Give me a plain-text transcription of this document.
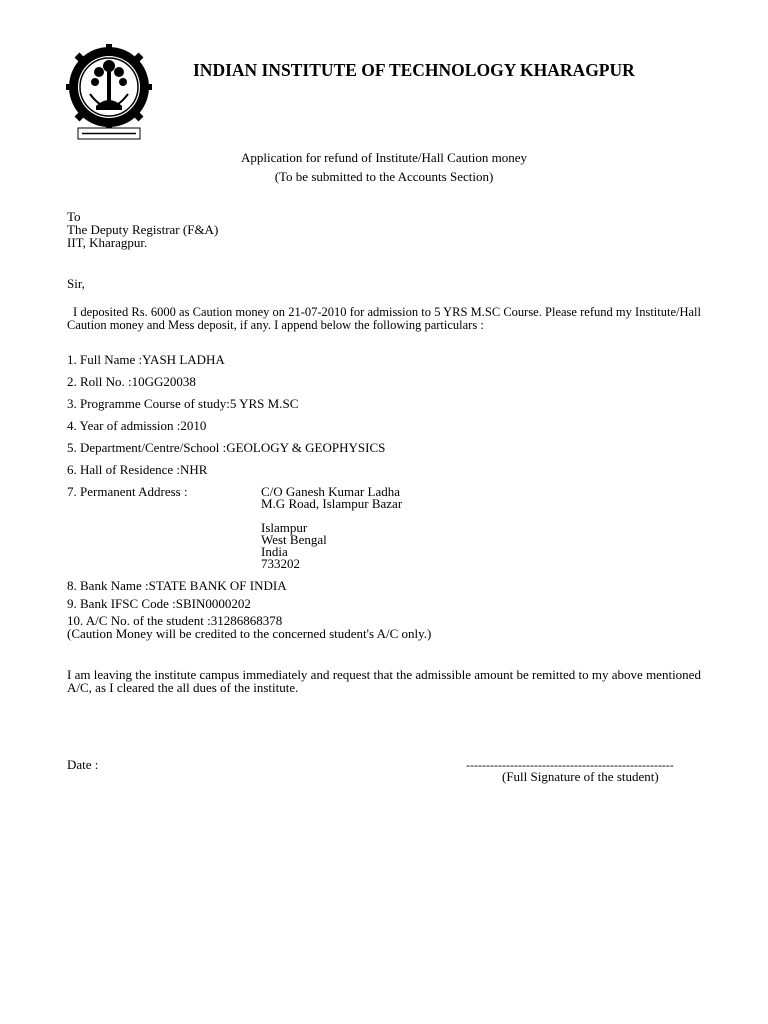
INDIAN INSTITUTE OF TECHNOLOGY KHARAGPUR
Application for refund of Institute/Hall Caution money
(To be submitted to the Accounts Section)
To
The Deputy Registrar (F&A)
IIT, Kharagpur.
Sir,
I deposited Rs. 6000 as Caution money on 21-07-2010 for admission to 5 YRS M.SC Course. Please refund my Institute/Hall Caution money and Mess deposit, if any. I append below the following particulars :
1. Full Name :YASH LADHA
2. Roll No. :10GG20038
3. Programme Course of study:5 YRS M.SC
4. Year of admission :2010
5. Department/Centre/School :GEOLOGY & GEOPHYSICS
6. Hall of Residence :NHR
7. Permanent Address :	C/O Ganesh Kumar Ladha
M.G Road, Islampur Bazar
Islampur
West Bengal
India
733202
8. Bank Name :STATE BANK OF INDIA
9. Bank IFSC Code :SBIN0000202
10. A/C No. of the student :31286868378
(Caution Money will be credited to the concerned student's A/C only.)
I am leaving the institute campus immediately and request that the admissible amount be remitted to my above mentioned A/C, as I cleared the all dues of the institute.
Date :	----------------------------------------------------
(Full Signature of the student)
